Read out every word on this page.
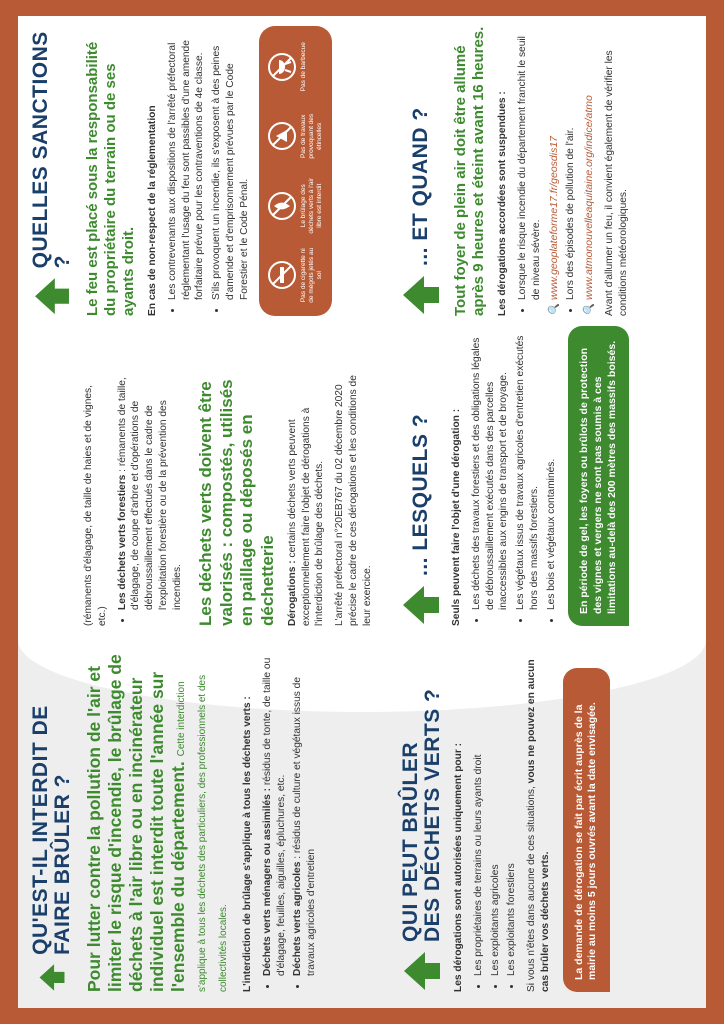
QU'EST-IL INTERDIT DE FAIRE BRÛLER ? Pour lutter contre la pollution de l'air et limiter le risque d'incendie, le brûlage de déchets à l'air libre ou en incinérateur individuel est interdit toute l'année sur l'ensemble du département. Cette interdiction s'applique à tous les déchets des particuliers, des professionnels et des collectivités locales. L'interdiction de brûlage s'applique à tous les déchets verts : • Déchets verts ménagers ou assimilés : résidus de tonte, de taille ou d'élagage, feuilles, aiguilles, épluchures, etc. • Déchets verts agricoles : résidus de culture et végétaux issus de travaux agricoles d'entretien

(rémanents d'élagage, de taille de haies et de vignes, etc.)

• Les déchets verts forestiers : rémanents de taille, d'élagage, de coupe d'arbre et d'opérations de débroussaillement effectués dans le cadre de l'exploitation forestière ou de la prévention des incendies. Les déchets verts doivent être valorisés : compostés, utilisés en paillage ou déposés en déchetterie Dérogations : certains déchets verts peuvent exceptionnellement faire l'objet de dérogations à l'interdiction de brûlage des déchets. L'arrêté préfectoral n°20EB767 du 02 décembre 2020 précise le cadre de ces dérogations et les conditions de leur exercice.

QUI PEUT BRÛLER
DES DÉCHETS VERTS ? Les dérogations sont autorisées uniquement pour : • Les propriétaires de terrains ou leurs ayants droit • Les exploitants agricoles • Les exploitants forestiers Si vous n'êtes dans aucune de ces situations, vous ne pouvez en aucun cas brûler vos déchets verts.	La demande de dérogation se fait par écrit auprès de la mairie au moins 5 jours ouvrés avant la date envisagée.
... LESQUELS ? Seuls peuvent faire l'objet d'une dérogation : • Les déchets des travaux forestiers et des obligations légales de débroussaillement exécutés dans des parcelles inaccessibles aux engins de transport et de broyage. • Les végétaux issus de travaux agricoles d'entretien exécutés hors des massifs forestiers. • Les bois et végétaux contaminés.	En période de gel, les foyers ou brûlots de protection des vignes et vergers ne sont pas soumis à ces limitations au-delà des 200 mètres des massifs boisés.
QUELLES SANCTIONS ? Le feu est placé sous la responsabilité du propriétaire du terrain ou de ses ayants droit. En cas de non-respect de la réglementation • Les contrevenants aux dispositions de l'arrêté préfectoral réglementant l'usage du feu sont passibles d'une amende forfaitaire prévue pour les contraventions de 4e classe. • S'ils provoquent un incendie, ils s'exposent à des peines d'amende et d'emprisonnement prévues par le Code Forestier et le Code Pénal.	Pas de cigarette ni de mégots jetés au sol
Le brûlage des déchets verts à l'air libre est interdit
Pas de travaux provoquant des étincelles
Pas de barbecue
... ET QUAND ? Tout foyer de plein air doit être allumé après 9 heures et éteint avant 16 heures. Les dérogations accordées sont suspendues : • Lorsque le risque incendie du département franchit le seuil de niveau sévère.
🔍 www.geoplateforme17.fr/geosdis17 • Lors des épisodes de pollution de l'air.
🔍 www.atmonouvelleaquitaine.org/indice/atmo Avant d'allumer un feu, il convient également de vérifier les conditions météorologiques.
